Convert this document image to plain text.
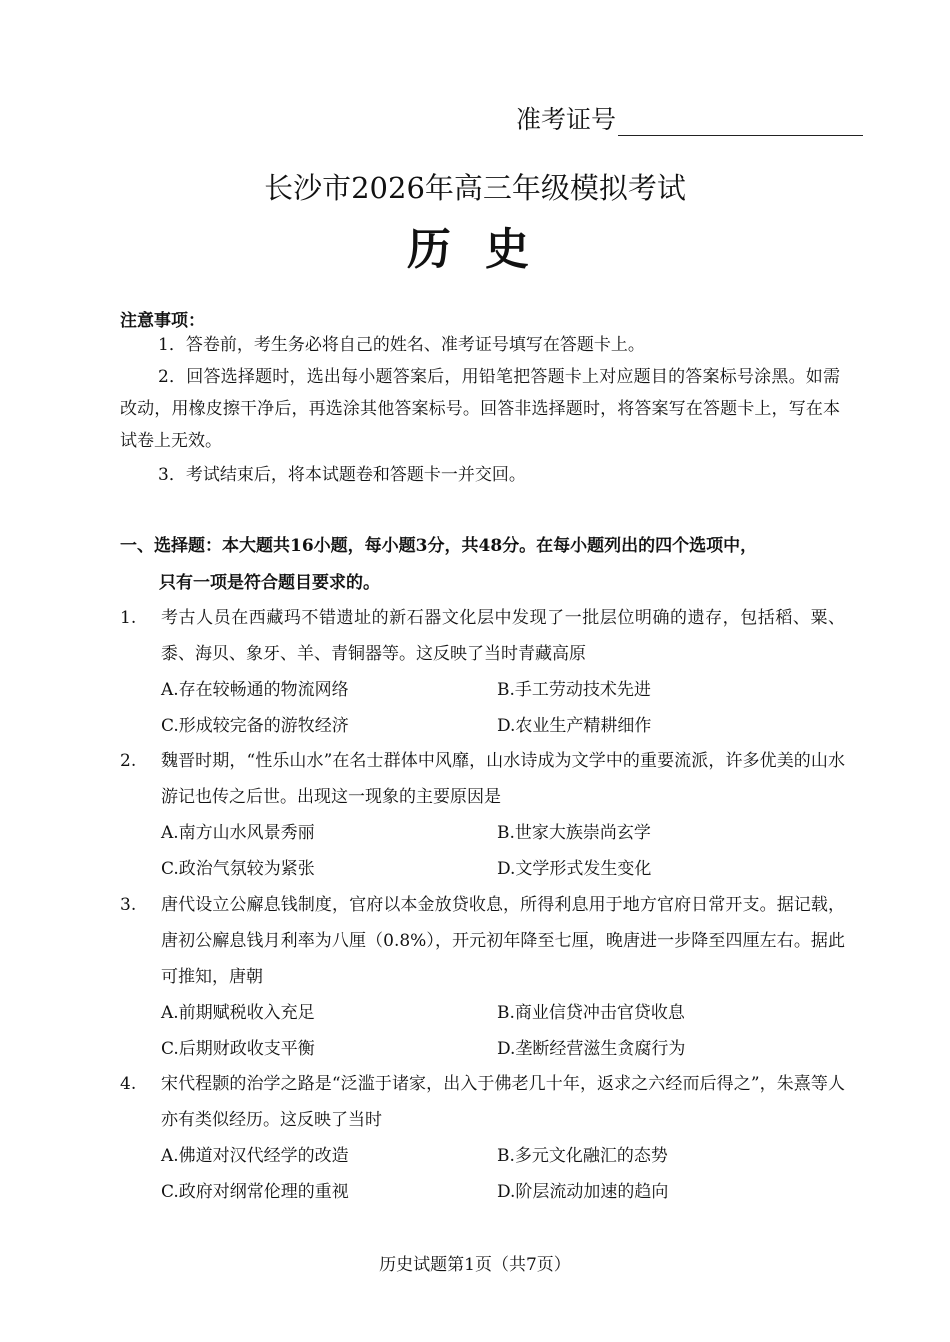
准考证号
长沙市2026年高三年级模拟考试
历史
注意事项：
1．答卷前，考生务必将自己的姓名、准考证号填写在答题卡上。
2．回答选择题时，选出每小题答案后，用铅笔把答题卡上对应题目的答案标号涂黑。如需改动，用橡皮擦干净后，再选涂其他答案标号。回答非选择题时，将答案写在答题卡上，写在本试卷上无效。
3．考试结束后，将本试题卷和答题卡一并交回。
一、选择题：本大题共16小题，每小题3分，共48分。在每小题列出的四个选项中，
只有一项是符合题目要求的。
1. 考古人员在西藏玛不错遗址的新石器文化层中发现了一批层位明确的遗存，包括稻、粟、黍、海贝、象牙、羊、青铜器等。这反映了当时青藏高原
A.存在较畅通的物流网络	B.手工劳动技术先进
C.形成较完备的游牧经济	D.农业生产精耕细作
2. 魏晋时期，“性乐山水”在名士群体中风靡，山水诗成为文学中的重要流派，许多优美的山水游记也传之后世。出现这一现象的主要原因是
A.南方山水风景秀丽	B.世家大族崇尚玄学
C.政治气氛较为紧张	D.文学形式发生变化
3. 唐代设立公廨息钱制度，官府以本金放贷收息，所得利息用于地方官府日常开支。据记载，唐初公廨息钱月利率为八厘（0.8%），开元初年降至七厘，晚唐进一步降至四厘左右。据此可推知，唐朝
A.前期赋税收入充足	B.商业信贷冲击官贷收息
C.后期财政收支平衡	D.垄断经营滋生贪腐行为
4. 宋代程颢的治学之路是“泛滥于诸家，出入于佛老几十年，返求之六经而后得之”，朱熹等人亦有类似经历。这反映了当时
A.佛道对汉代经学的改造	B.多元文化融汇的态势
C.政府对纲常伦理的重视	D.阶层流动加速的趋向
历史试题第1页（共7页）
